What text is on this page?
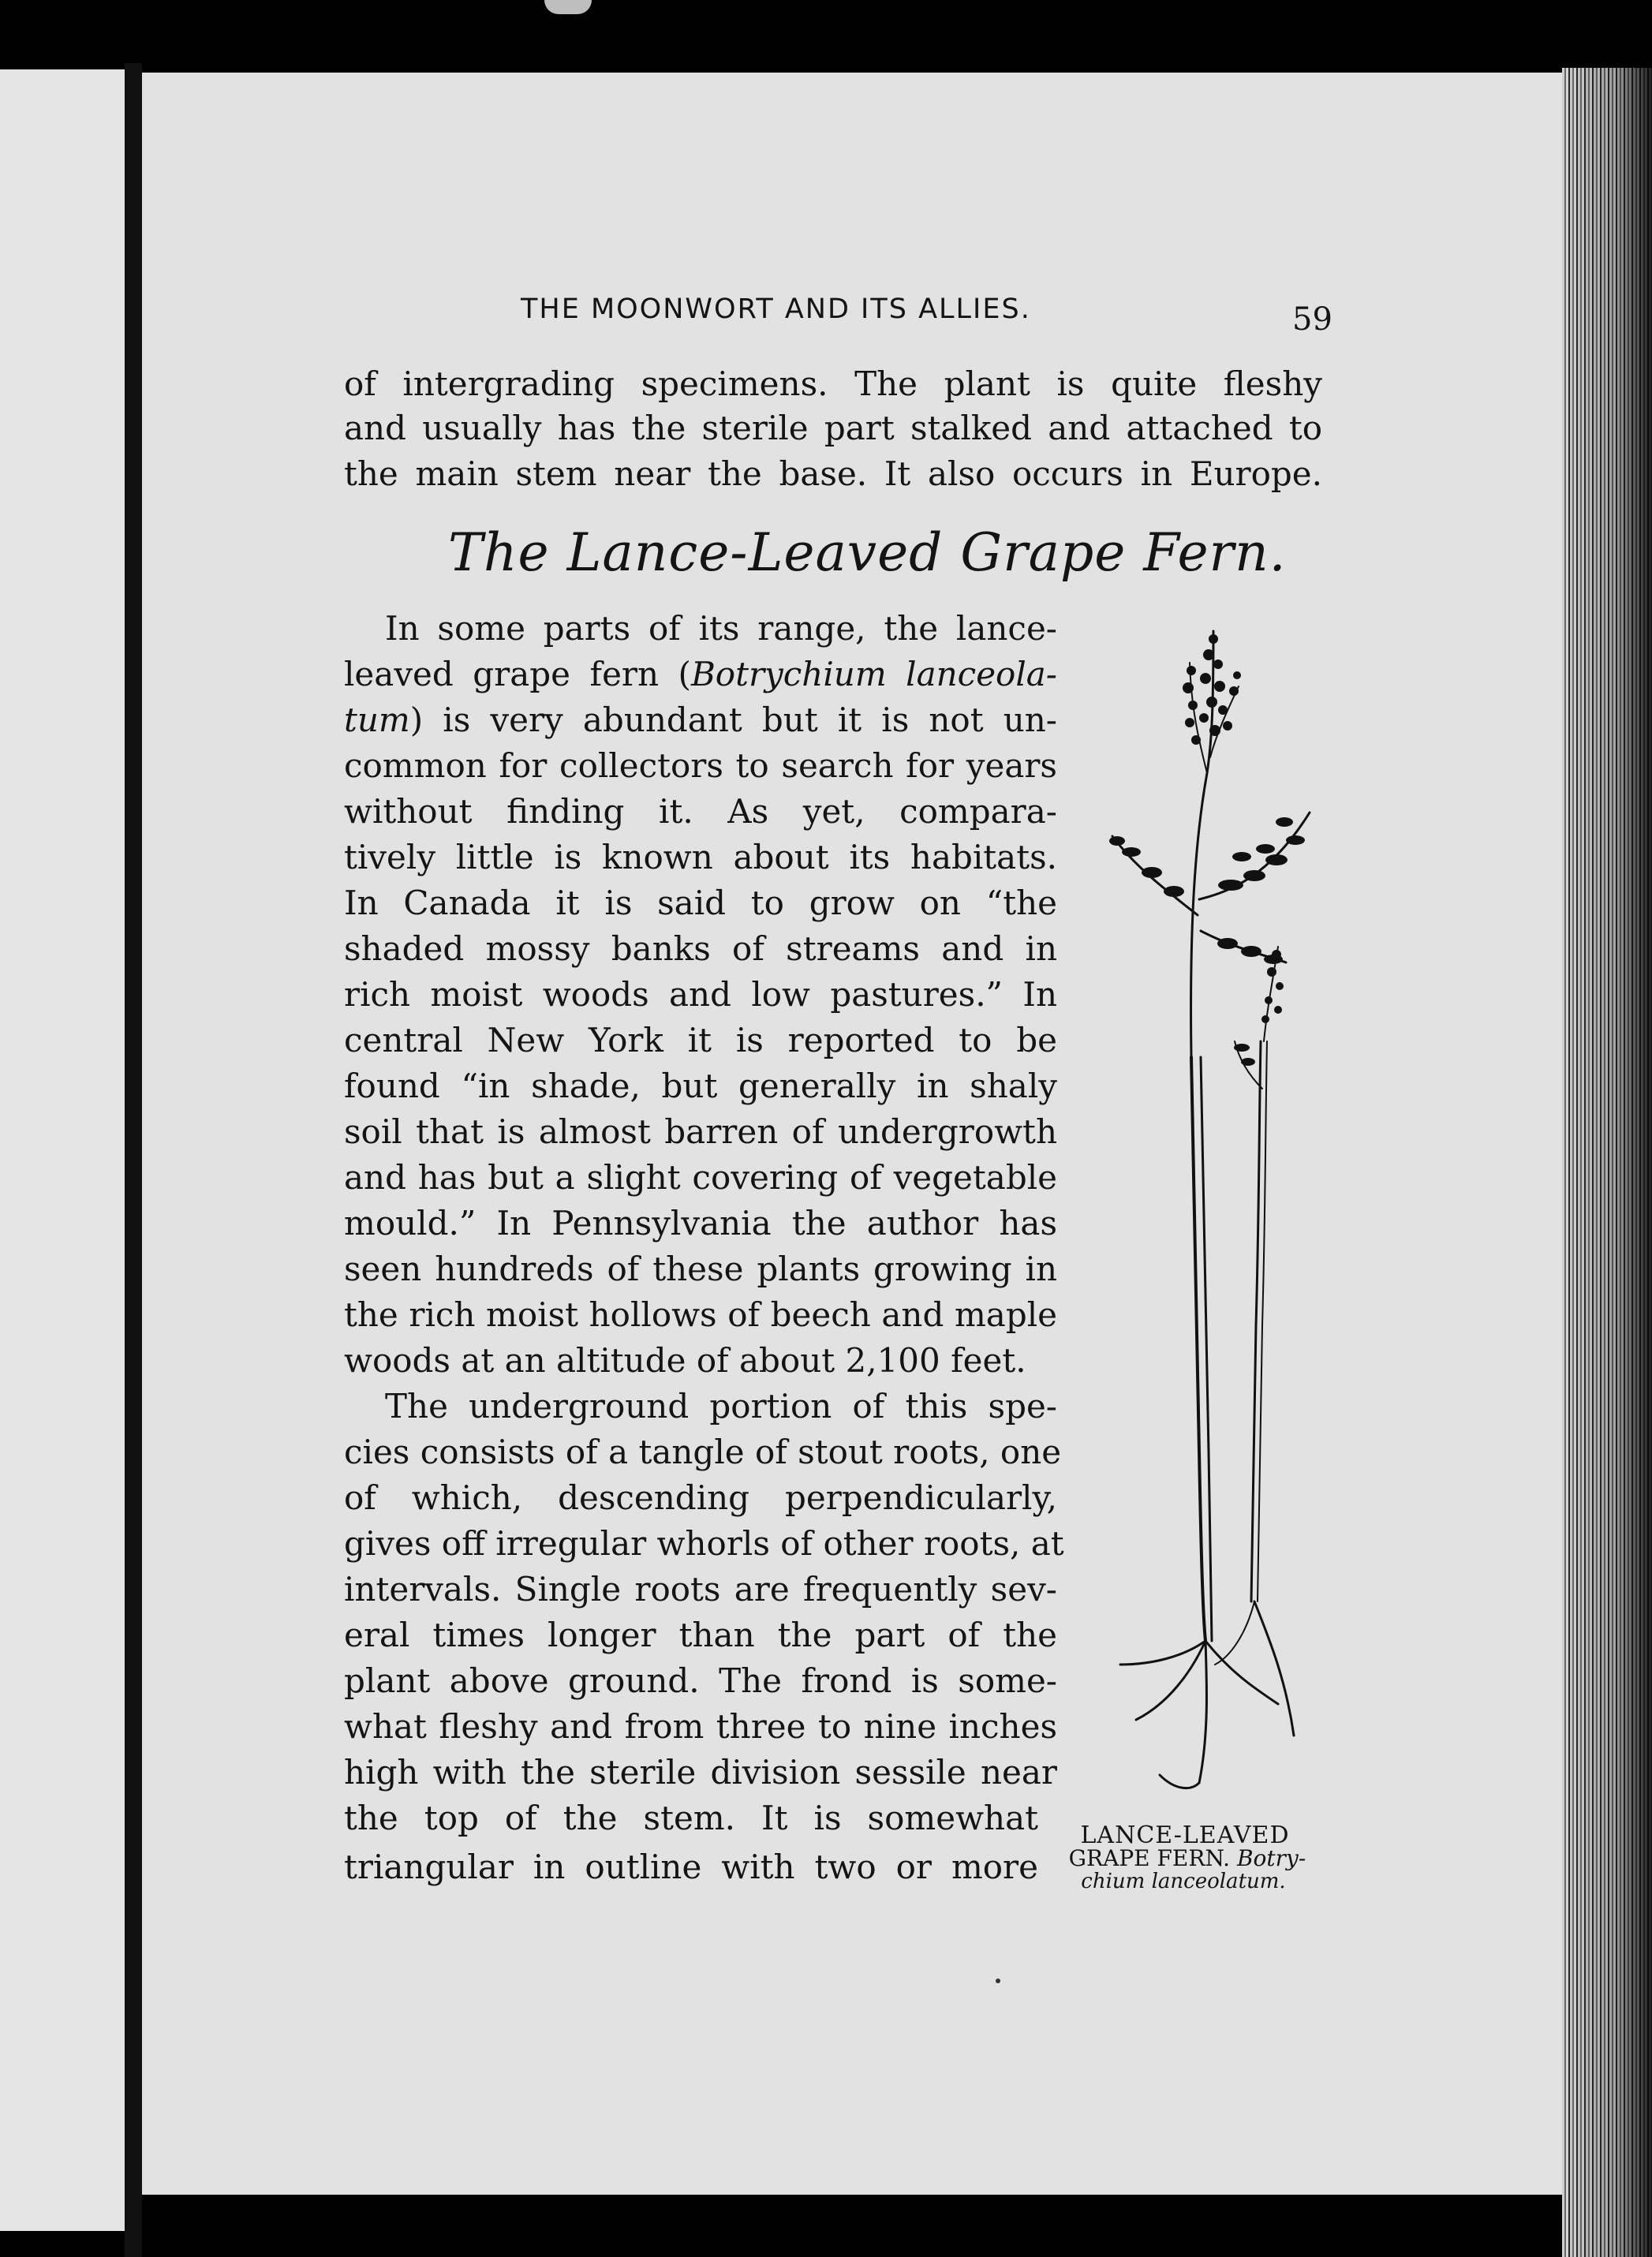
THE MOONWORT AND ITS ALLIES.	59
of intergrading specimens. The plant is quite fleshy
and usually has the sterile part stalked and attached to
the main stem near the base. It also occurs in Europe.
The Lance-Leaved Grape Fern.
In some parts of its range, the lance-
leaved grape fern (Botrychium lanceola-
tum) is very abundant but it is not un-
common for collectors to search for years
without finding it. As yet, compara-
tively little is known about its habitats.
In Canada it is said to grow on “the
shaded mossy banks of streams and in
rich moist woods and low pastures.” In
central New York it is reported to be
found “in shade, but generally in shaly
soil that is almost barren of undergrowth
and has but a slight covering of vegetable
mould.” In Pennsylvania the author has
seen hundreds of these plants growing in
the rich moist hollows of beech and maple
woods at an altitude of about 2,100 feet.
The underground portion of this spe-
cies consists of a tangle of stout roots, one
of which, descending perpendicularly,
gives off irregular whorls of other roots, at
intervals. Single roots are frequently sev-
eral times longer than the part of the
plant above ground. The frond is some-
what fleshy and from three to nine inches
high with the sterile division sessile near
the top of the stem. It is somewhat
triangular in outline with two or more
LANCE-LEAVED
GRAPE FERN. Botry-
chium lanceolatum.
